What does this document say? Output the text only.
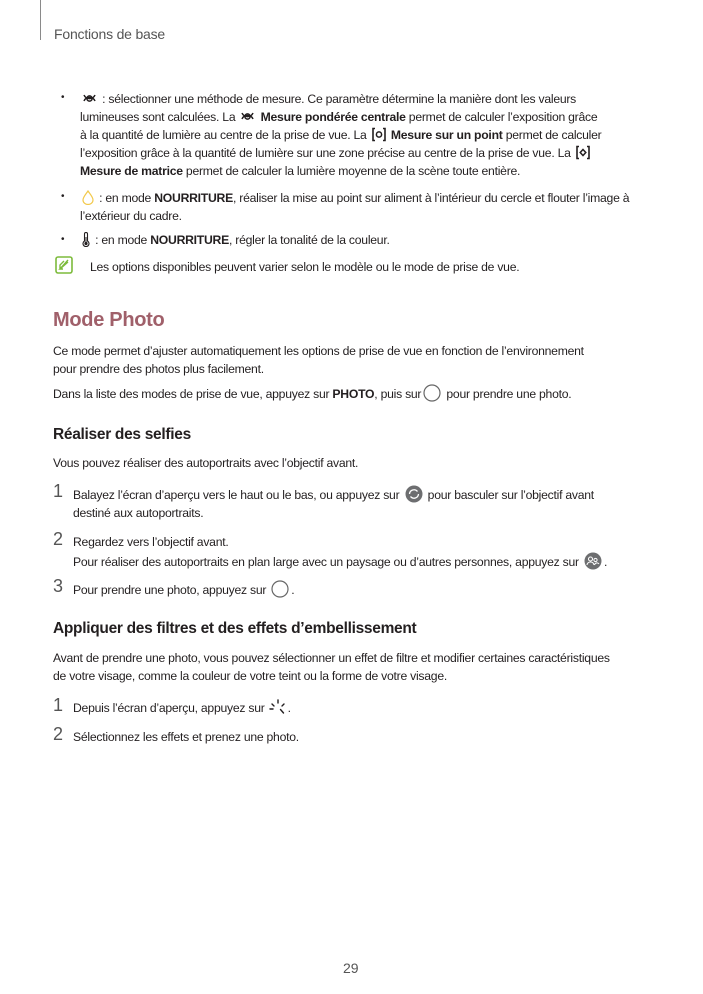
Fonctions de base
•	: sélectionner une méthode de mesure. Ce paramètre détermine la manière dont les valeurs
lumineuses sont calculées. La  Mesure pondérée centrale permet de calculer l’exposition grâce
à la quantité de lumière au centre de la prise de vue. La  Mesure sur un point permet de calculer
l’exposition grâce à la quantité de lumière sur une zone précise au centre de la prise de vue. La
Mesure de matrice permet de calculer la lumière moyenne de la scène toute entière.
•	: en mode NOURRITURE, réaliser la mise au point sur aliment à l’intérieur du cercle et flouter l’image à
l’extérieur du cadre.
•	: en mode NOURRITURE, régler la tonalité de la couleur.
Les options disponibles peuvent varier selon le modèle ou le mode de prise de vue.
Mode Photo
Ce mode permet d’ajuster automatiquement les options de prise de vue en fonction de l’environnement
pour prendre des photos plus facilement.
Dans la liste des modes de prise de vue, appuyez sur PHOTO, puis sur pour prendre une photo.
Réaliser des selfies
Vous pouvez réaliser des autoportraits avec l’objectif avant.
1 Balayez l’écran d’aperçu vers le haut ou le bas, ou appuyez sur  pour basculer sur l’objectif avant
destiné aux autoportraits.
2 Regardez vers l’objectif avant.
Pour réaliser des autoportraits en plan large avec un paysage ou d’autres personnes, appuyez sur .
3 Pour prendre une photo, appuyez sur .
Appliquer des filtres et des effets d’embellissement
Avant de prendre une photo, vous pouvez sélectionner un effet de filtre et modifier certaines caractéristiques
de votre visage, comme la couleur de votre teint ou la forme de votre visage.
1 Depuis l’écran d’aperçu, appuyez sur .
2 Sélectionnez les effets et prenez une photo.
29
